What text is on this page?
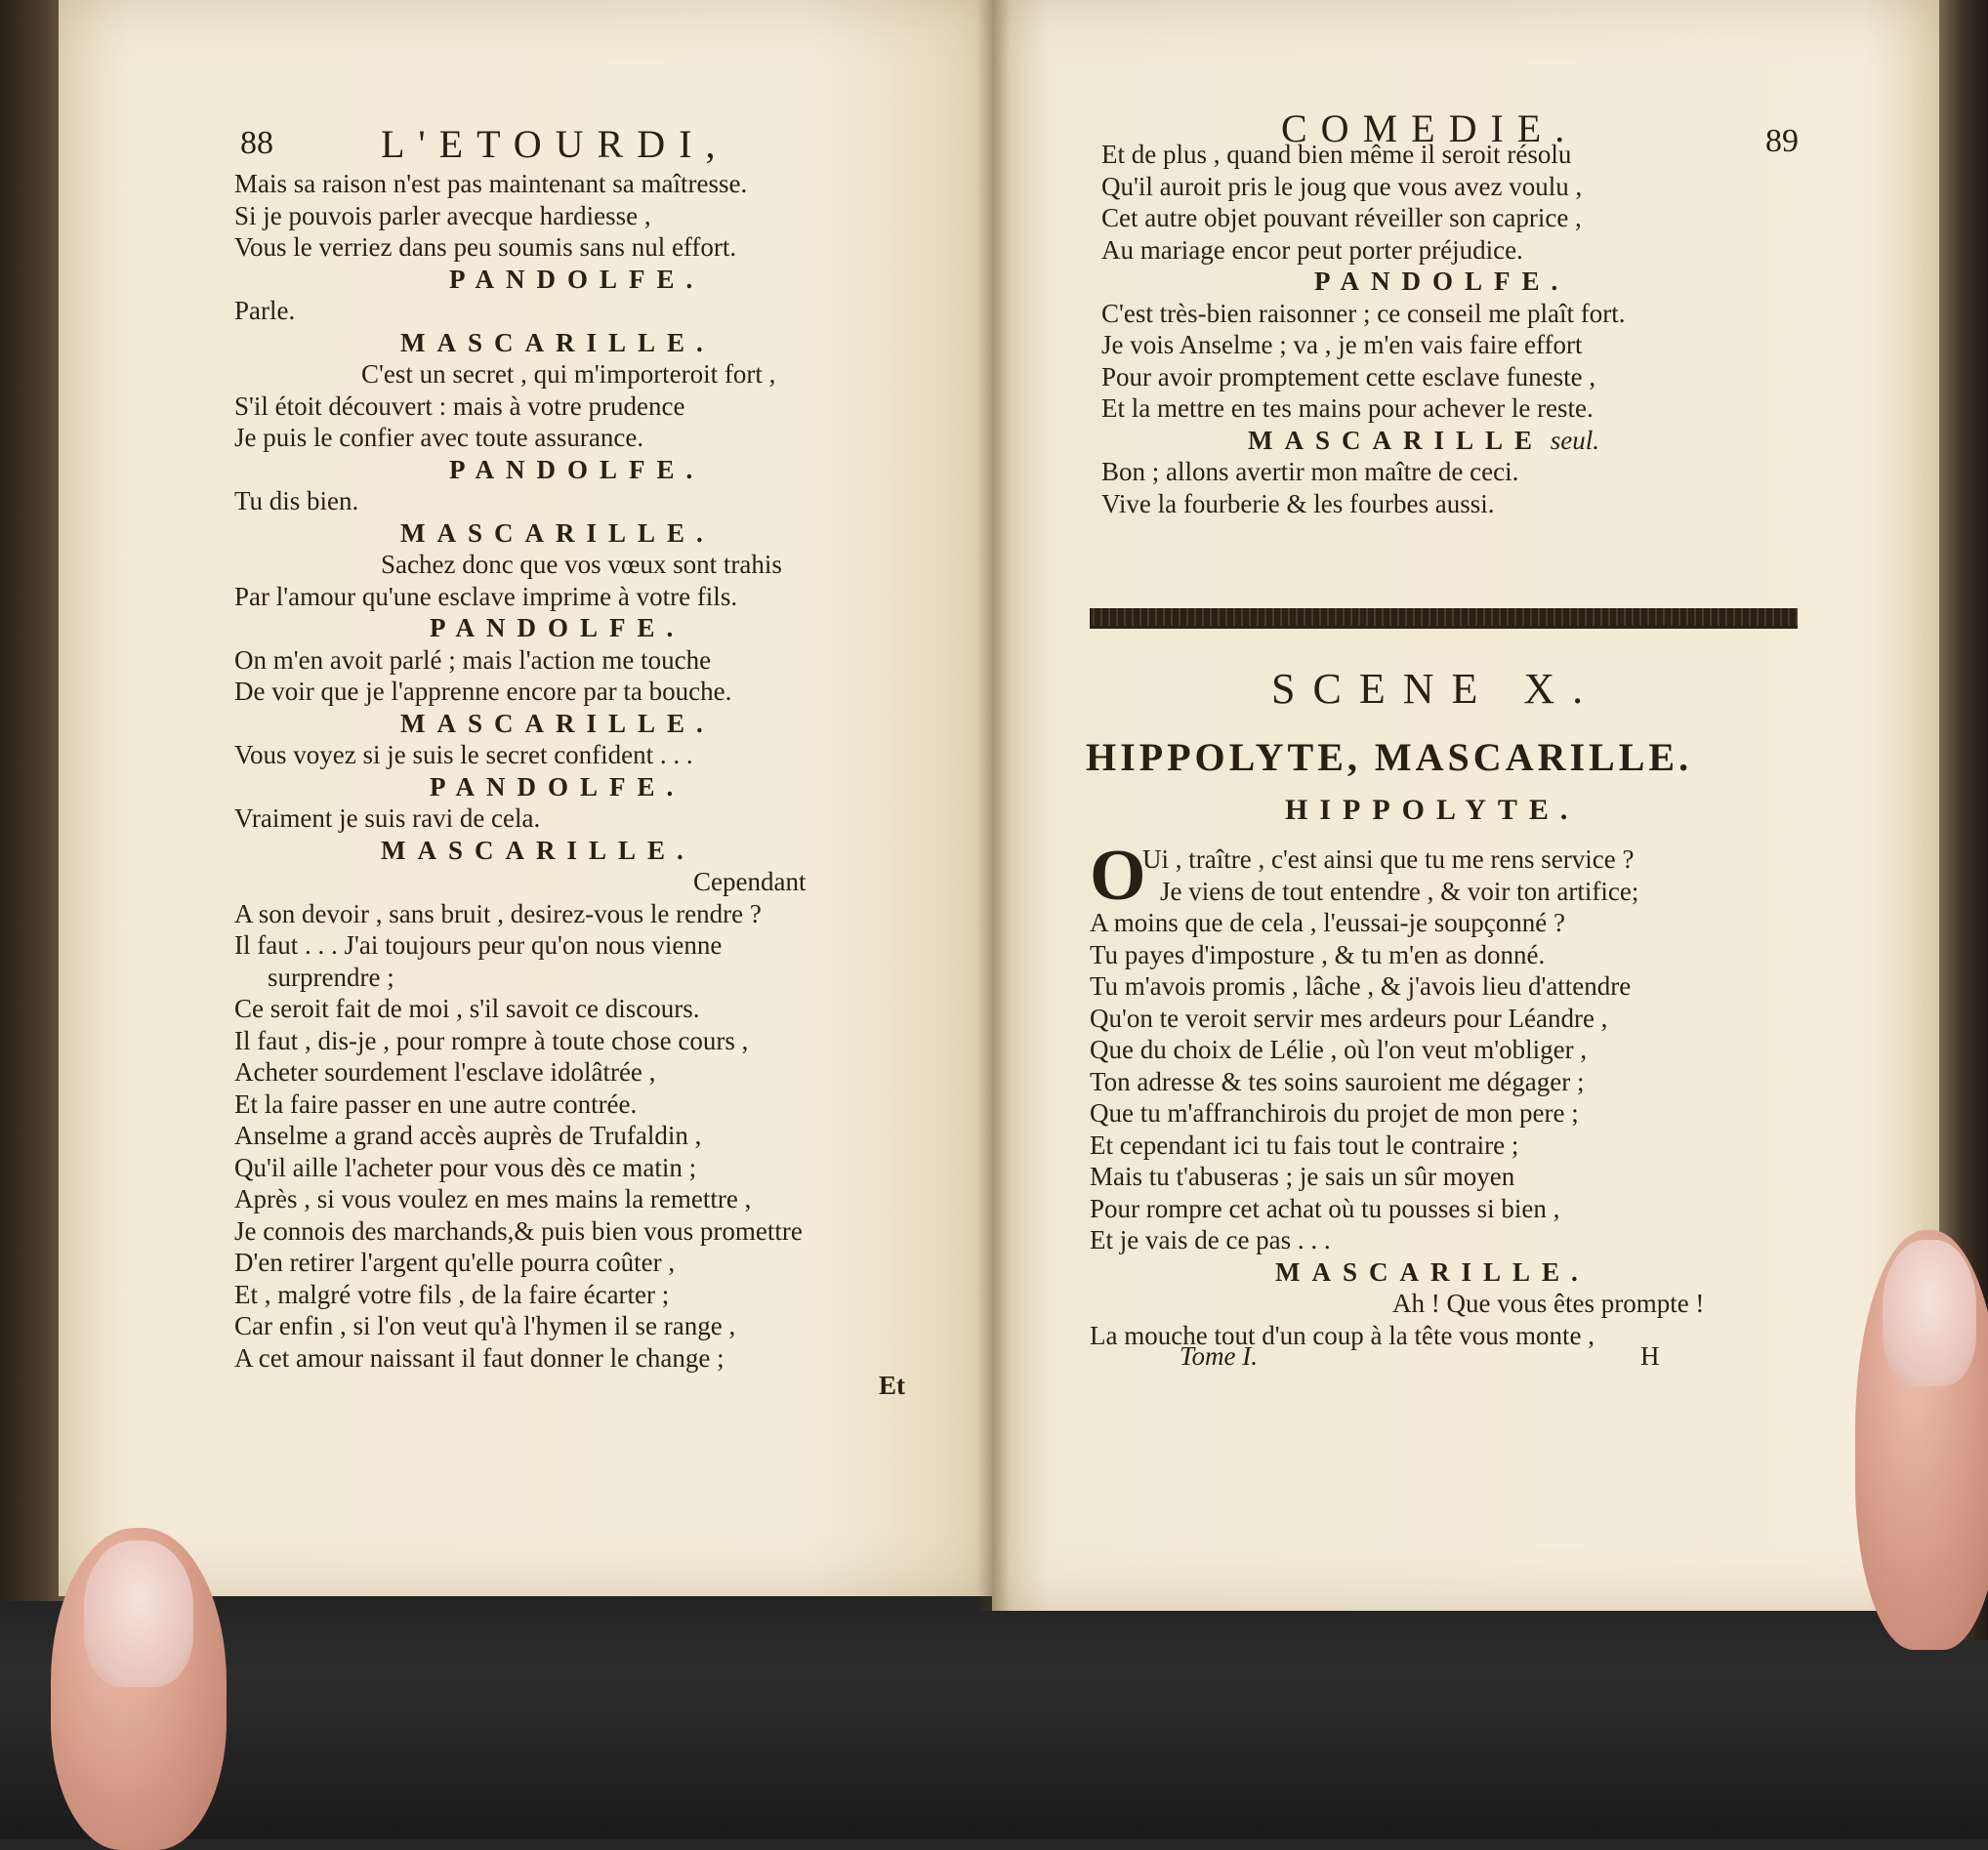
88	L'ETOURDI,
Mais sa raison n'est pas maintenant sa maîtresse.
Si je pouvois parler avecque hardiesse ,
Vous le verriez dans peu soumis sans nul effort.
PANDOLFE.
Parle.
MASCARILLE.
C'est un secret , qui m'importeroit fort ,
S'il étoit découvert : mais à votre prudence
Je puis le confier avec toute assurance.
PANDOLFE.
Tu dis bien.
MASCARILLE.
Sachez donc que vos vœux sont trahis
Par l'amour qu'une esclave imprime à votre fils.
PANDOLFE.
On m'en avoit parlé ; mais l'action me touche
De voir que je l'apprenne encore par ta bouche.
MASCARILLE.
Vous voyez si je suis le secret confident . . .
PANDOLFE.
Vraiment je suis ravi de cela.
MASCARILLE.
Cependant
A son devoir , sans bruit , desirez-vous le rendre ?
Il faut . . . J'ai toujours peur qu'on nous vienne
surprendre ;
Ce seroit fait de moi , s'il savoit ce discours.
Il faut , dis-je , pour rompre à toute chose cours ,
Acheter sourdement l'esclave idolâtrée ,
Et la faire passer en une autre contrée.
Anselme a grand accès auprès de Trufaldin ,
Qu'il aille l'acheter pour vous dès ce matin ;
Après , si vous voulez en mes mains la remettre ,
Je connois des marchands,& puis bien vous promettre
D'en retirer l'argent qu'elle pourra coûter ,
Et , malgré votre fils , de la faire écarter ;
Car enfin , si l'on veut qu'à l'hymen il se range ,
A cet amour naissant il faut donner le change ;
Et
COMEDIE.	89
Et de plus , quand bien même il seroit résolu
Qu'il auroit pris le joug que vous avez voulu ,
Cet autre objet pouvant réveiller son caprice ,
Au mariage encor peut porter préjudice.
PANDOLFE.
C'est très-bien raisonner ; ce conseil me plaît fort.
Je vois Anselme ; va , je m'en vais faire effort
Pour avoir promptement cette esclave funeste ,
Et la mettre en tes mains pour achever le reste.
MASCARILLE seul.
Bon ; allons avertir mon maître de ceci.
Vive la fourberie & les fourbes aussi.
SCENE X.
HIPPOLYTE, MASCARILLE.
HIPPOLYTE.
O
Ui , traître , c'est ainsi que tu me rens service ?
Je viens de tout entendre , & voir ton artifice;
A moins que de cela , l'eussai-je soupçonné ?
Tu payes d'imposture , & tu m'en as donné.
Tu m'avois promis , lâche , & j'avois lieu d'attendre
Qu'on te veroit servir mes ardeurs pour Léandre ,
Que du choix de Lélie , où l'on veut m'obliger ,
Ton adresse & tes soins sauroient me dégager ;
Que tu m'affranchirois du projet de mon pere ;
Et cependant ici tu fais tout le contraire ;
Mais tu t'abuseras ; je sais un sûr moyen
Pour rompre cet achat où tu pousses si bien ,
Et je vais de ce pas . . .
MASCARILLE.
Ah ! Que vous êtes prompte !
La mouche tout d'un coup à la tête vous monte ,
Tome I.	H
